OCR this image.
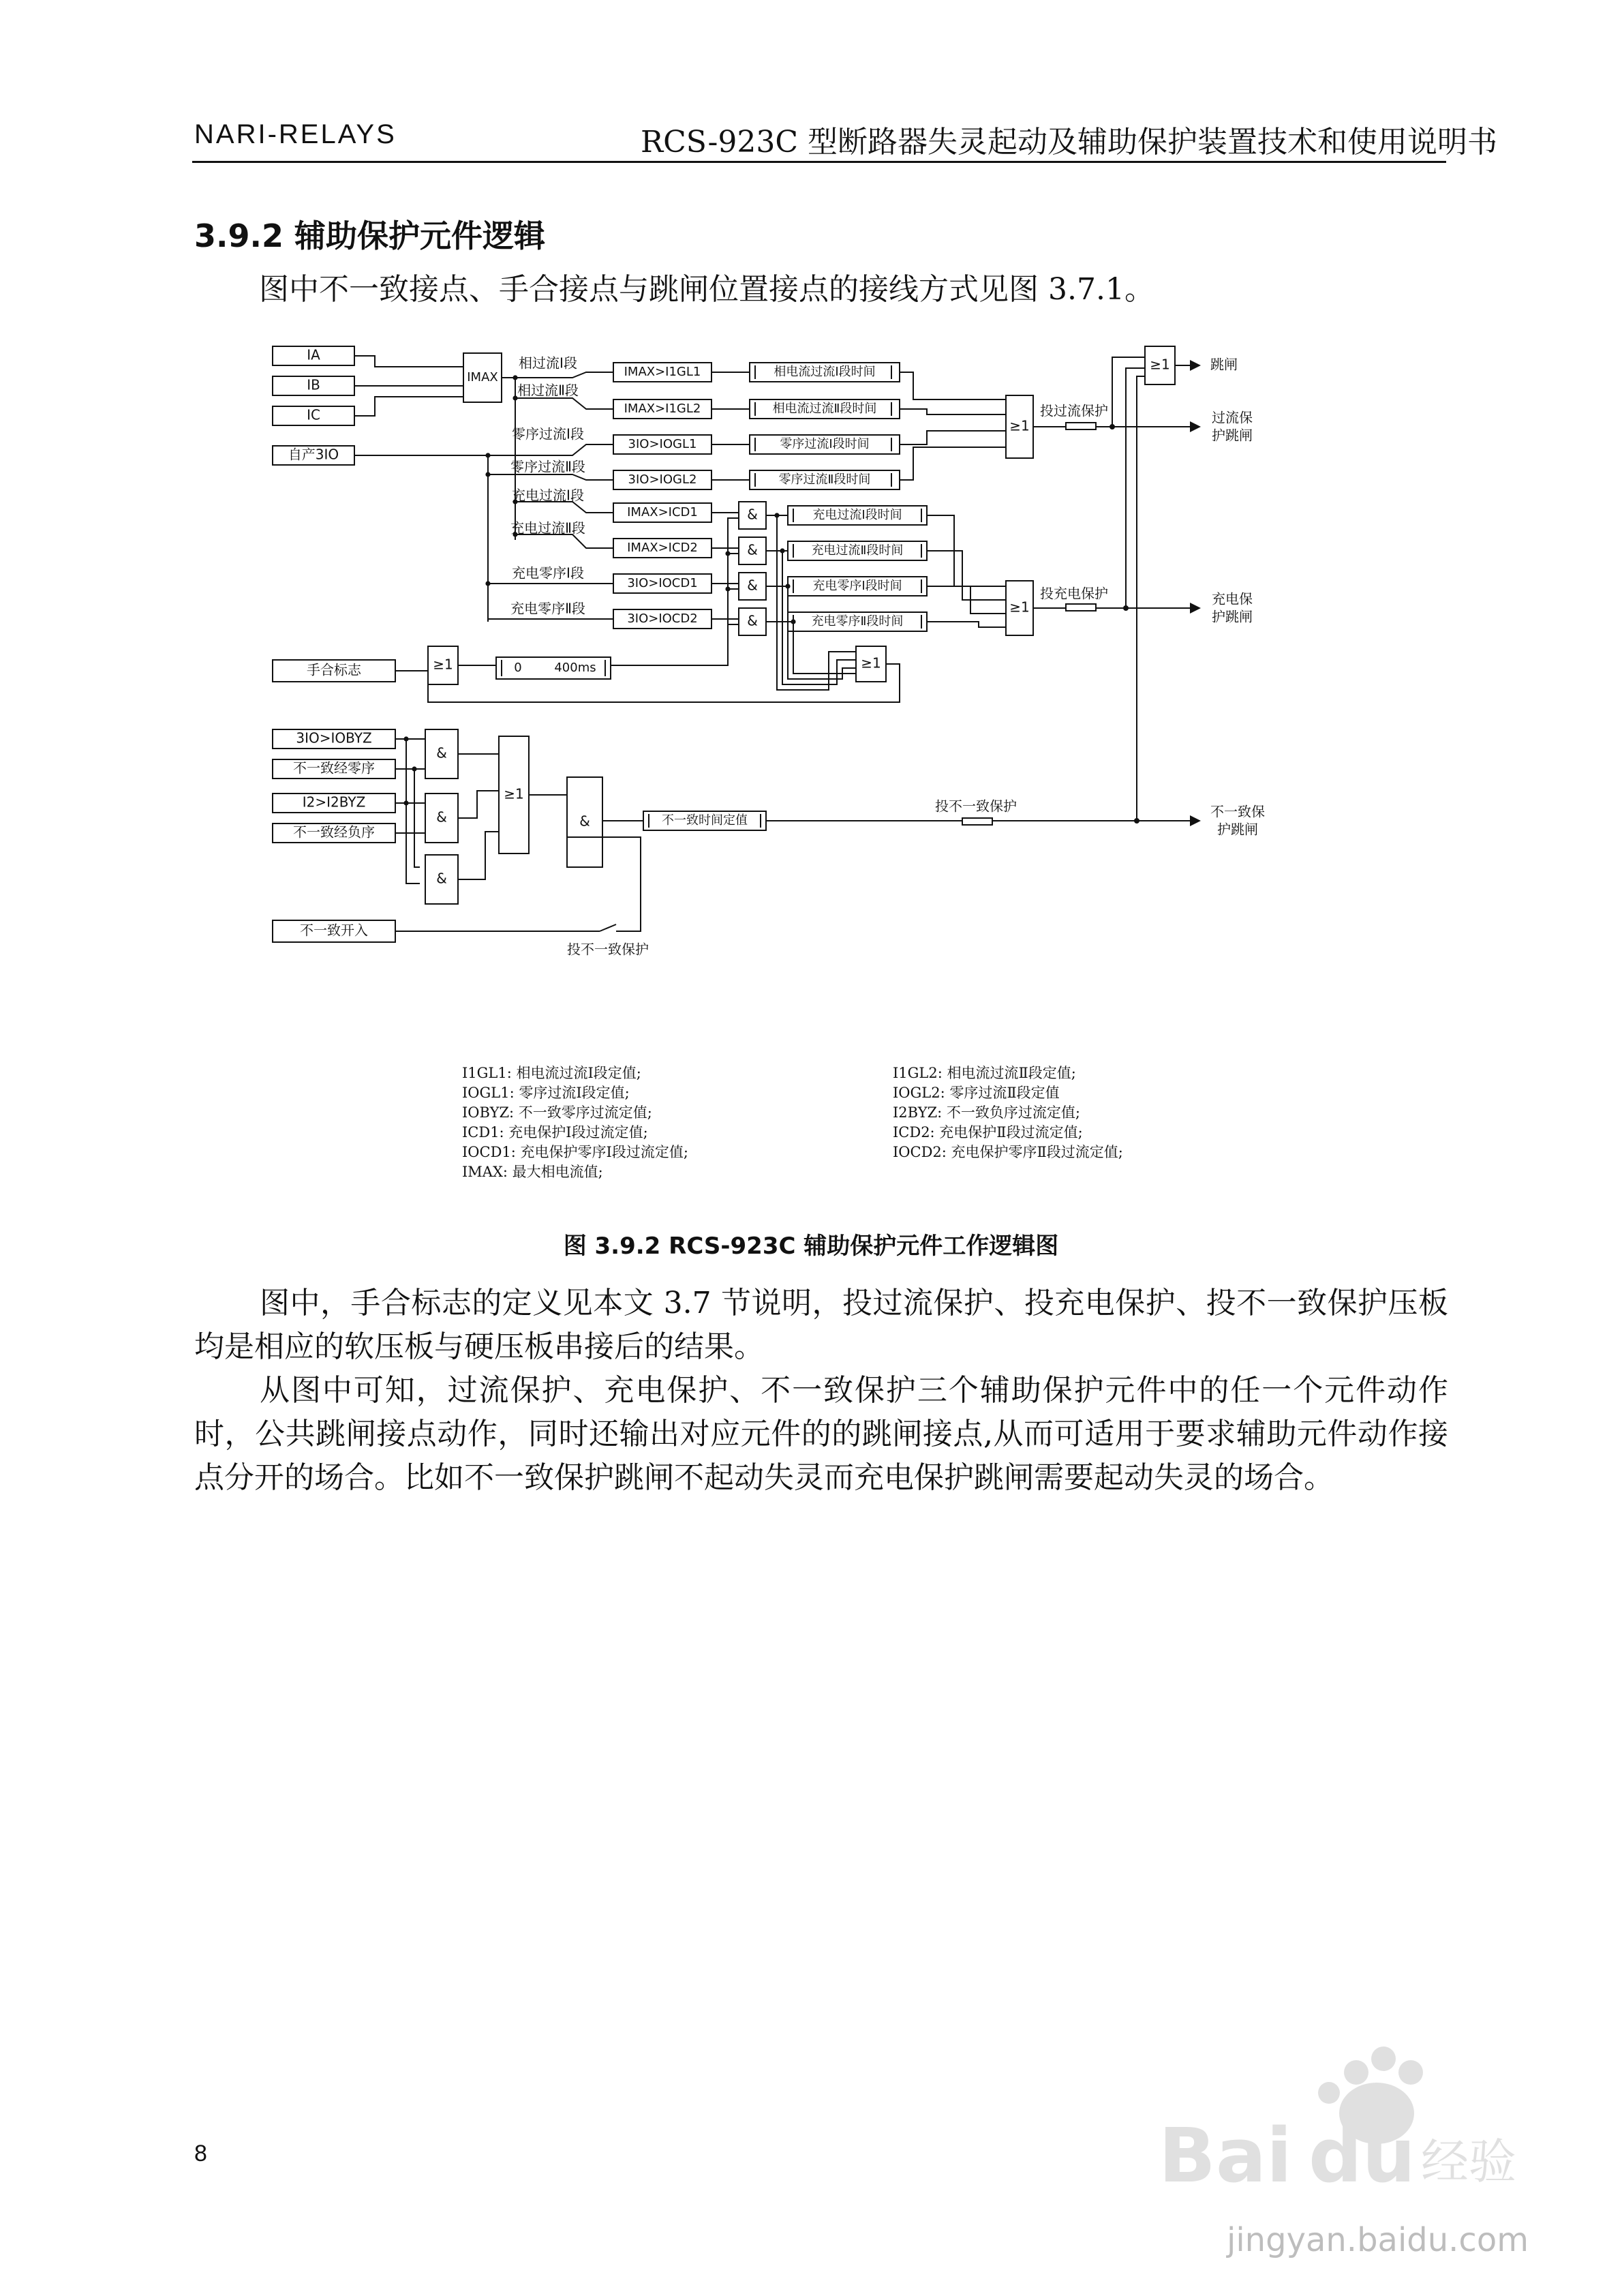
NARI-RELAYS	RCS-923C 型断路器失灵起动及辅助保护装置技术和使用说明书
3.9.2 辅助保护元件逻辑
图中不一致接点、手合接点与跳闸位置接点的接线方式见图 3.7.1。
IA
IB
IC
自产3IO
手合标志
3IO>IOBYZ
不一致经零序
I2>I2BYZ
不一致经负序
不一致开入
IMAX
相过流Ⅰ段
相过流Ⅱ段
零序过流Ⅰ段
零序过流Ⅱ段
充电过流Ⅰ段
充电过流Ⅱ段
充电零序Ⅰ段
充电零序Ⅱ段
IMAX>I1GL1
IMAX>I1GL2
3IO>IOGL1
3IO>IOGL2
IMAX>ICD1
IMAX>ICD2
3IO>IOCD1
3IO>IOCD2
相电流过流Ⅰ段时间
相电流过流Ⅱ段时间
零序过流Ⅰ段时间
零序过流Ⅱ段时间
充电过流Ⅰ段时间
充电过流Ⅱ段时间
充电零序Ⅰ段时间
充电零序Ⅱ段时间
0	400ms
不一致时间定值
&
&
&
&
&
&
&
&
≥1
≥1
≥1
≥1
≥1
≥1
投过流保护
投充电保护
投不一致保护
投不一致保护
跳闸
过流保
护跳闸
充电保
护跳闸
不一致保
护跳闸
I1GL1: 相电流过流Ⅰ段定值;
IOGL1: 零序过流Ⅰ段定值;
IOBYZ: 不一致零序过流定值;
ICD1: 充电保护Ⅰ段过流定值;
IOCD1: 充电保护零序Ⅰ段过流定值;
IMAX: 最大相电流值;
I1GL2: 相电流过流Ⅱ段定值;
IOGL2: 零序过流Ⅱ段定值
I2BYZ: 不一致负序过流定值;
ICD2: 充电保护Ⅱ段过流定值;
IOCD2: 充电保护零序Ⅱ段过流定值;
图 3.9.2 RCS-923C 辅助保护元件工作逻辑图

图中，手合标志的定义见本文 3.7 节说明，投过流保护、投充电保护、投不一致保护压板均是相应的软压板与硬压板串接后的结果。

从图中可知，过流保护、充电保护、不一致保护三个辅助保护元件中的任一个元件动作时，公共跳闸接点动作，同时还输出对应元件的的跳闸接点,从而可适用于要求辅助元件动作接点分开的场合。比如不一致保护跳闸不起动失灵而充电保护跳闸需要起动失灵的场合。

8	Bai du 经验
jingyan.baidu.com
